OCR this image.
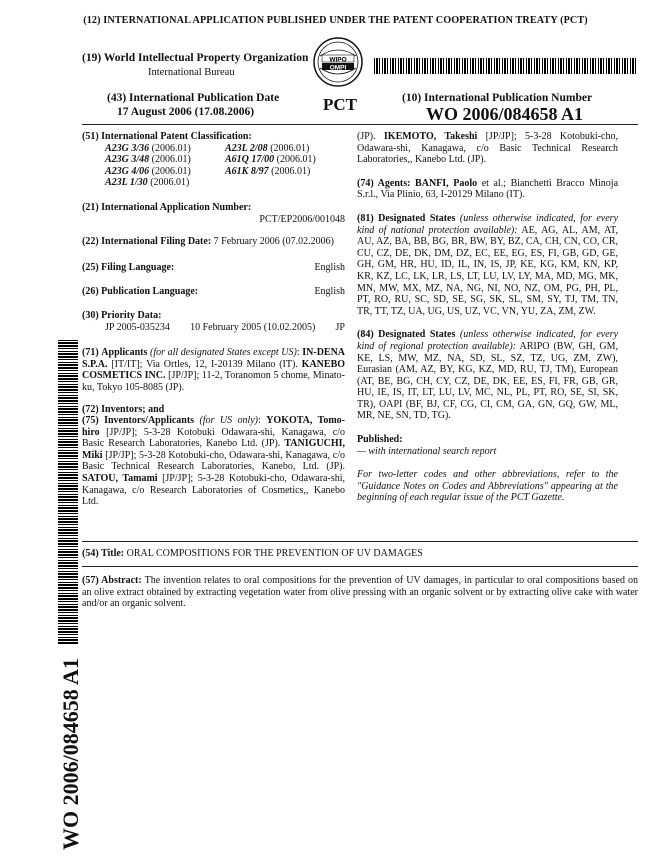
(12) INTERNATIONAL APPLICATION PUBLISHED UNDER THE PATENT COOPERATION TREATY (PCT)
(19) World Intellectual Property Organization
International Bureau
WIPO
OMPI
(43) International Publication Date
17 August 2006 (17.08.2006)	PCT	(10) International Publication Number
WO 2006/084658 A1
(51) International Patent Classification:
A23G 3/36 (2006.01)	A23L 2/08 (2006.01)
A23G 3/48 (2006.01)	A61Q 17/00 (2006.01)
A23G 4/06 (2006.01)	A61K 8/97 (2006.01)
A23L 1/30 (2006.01)
(21) International Application Number:
PCT/EP2006/001048
(22) International Filing Date: 7 February 2006 (07.02.2006)
(25) Filing Language:	English
(26) Publication Language:	English
(30) Priority Data:
JP 2005-035234 10 February 2005 (10.02.2005) JP
(71) Applicants (for all designated States except US): IN-DENA S.P.A. [IT/IT]; Via Ortles, 12, I-20139 Milano (IT). KANEBO COSMETICS INC. [JP/JP]; 11-2, Toranomon 5 chome, Minato-ku, Tokyo 105-8085 (JP).
(72) Inventors; and
(75) Inventors/Applicants (for US only): YOKOTA, Tomo-hiro [JP/JP]; 5-3-28 Kotobuki Odawara-shi, Kanagawa, c/o Basic Research Laboratories, Kanebo Ltd. (JP). TANIGUCHI, Miki [JP/JP]; 5-3-28 Kotobuki-cho, Odawara-shi, Kanagawa, c/o Basic Technical Research Laboratories, Kanebo, Ltd. (JP). SATOU, Tamami [JP/JP]; 5-3-28 Kotobuki-cho, Odawara-shi, Kanagawa, c/o Research Laboratories of Cosmetics,, Kanebo Ltd.
(JP). IKEMOTO, Takeshi [JP/JP]; 5-3-28 Kotobuki-cho, Odawara-shi, Kanagawa, c/o Basic Technical Research Laboratories,, Kanebo Ltd. (JP).
(74) Agents: BANFI, Paolo et al.; Bianchetti Bracco Minoja S.r.l., Via Plinio, 63, I-20129 Milano (IT).
(81) Designated States (unless otherwise indicated, for every kind of national protection available): AE, AG, AL, AM, AT, AU, AZ, BA, BB, BG, BR, BW, BY, BZ, CA, CH, CN, CO, CR, CU, CZ, DE, DK, DM, DZ, EC, EE, EG, ES, FI, GB, GD, GE, GH, GM, HR, HU, ID, IL, IN, IS, JP, KE, KG, KM, KN, KP, KR, KZ, LC, LK, LR, LS, LT, LU, LV, LY, MA, MD, MG, MK, MN, MW, MX, MZ, NA, NG, NI, NO, NZ, OM, PG, PH, PL, PT, RO, RU, SC, SD, SE, SG, SK, SL, SM, SY, TJ, TM, TN, TR, TT, TZ, UA, UG, US, UZ, VC, VN, YU, ZA, ZM, ZW.
(84) Designated States (unless otherwise indicated, for every kind of regional protection available): ARIPO (BW, GH, GM, KE, LS, MW, MZ, NA, SD, SL, SZ, TZ, UG, ZM, ZW), Eurasian (AM, AZ, BY, KG, KZ, MD, RU, TJ, TM), European (AT, BE, BG, CH, CY, CZ, DE, DK, EE, ES, FI, FR, GB, GR, HU, IE, IS, IT, LT, LU, LV, MC, NL, PL, PT, RO, SE, SI, SK, TR), OAPI (BF, BJ, CF, CG, CI, CM, GA, GN, GQ, GW, ML, MR, NE, SN, TD, TG).
Published:
— with international search report
For two-letter codes and other abbreviations, refer to the "Guidance Notes on Codes and Abbreviations" appearing at the beginning of each regular issue of the PCT Gazette.
(54) Title: ORAL COMPOSITIONS FOR THE PREVENTION OF UV DAMAGES
(57) Abstract: The invention relates to oral compositions for the prevention of UV damages, in particular to oral compositions based on an olive extract obtained by extracting vegetation water from olive pressing with an organic solvent or by extracting olive cake with water and/or an organic solvent.
WO 2006/084658 A1
